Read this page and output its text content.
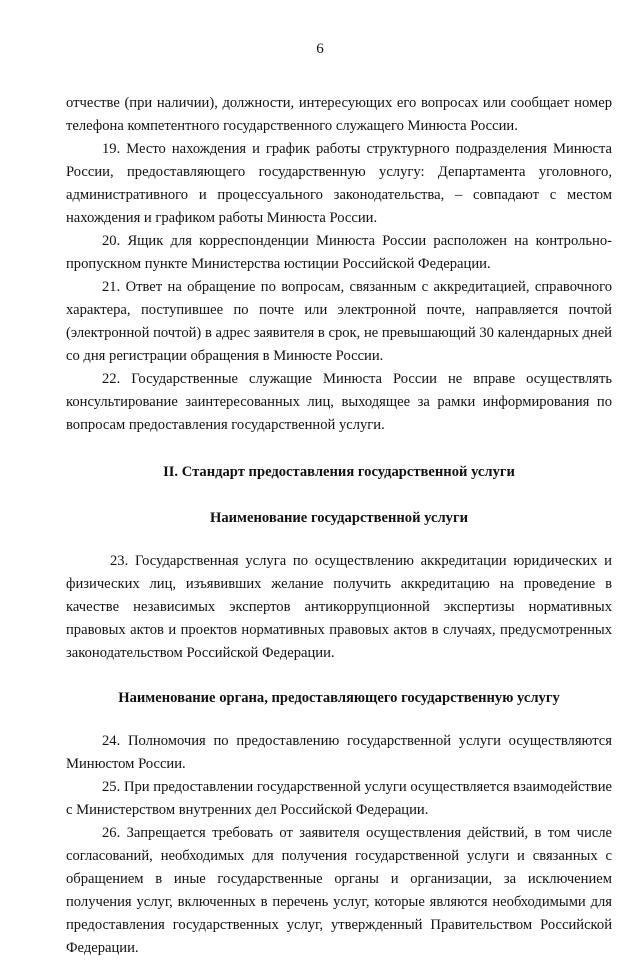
6

отчестве (при наличии), должности, интересующих его вопросах или сообщает номер телефона компетентного государственного служащего Минюста России.

19. Место нахождения и график работы структурного подразделения Минюста России, предоставляющего государственную услугу: Департамента уголовного, административного и процессуального законодательства, – совпадают с местом нахождения и графиком работы Минюста России.

20. Ящик для корреспонденции Минюста России расположен на контрольно-пропускном пункте Министерства юстиции Российской Федерации.

21. Ответ на обращение по вопросам, связанным с аккредитацией, справочного характера, поступившее по почте или электронной почте, направляется почтой (электронной почтой) в адрес заявителя в срок, не превышающий 30 календарных дней со дня регистрации обращения в Минюсте России.

22. Государственные служащие Минюста России не вправе осуществлять консультирование заинтересованных лиц, выходящее за рамки информирования по вопросам предоставления государственной услуги.

II. Стандарт предоставления государственной услуги

Наименование государственной услуги

23. Государственная услуга по осуществлению аккредитации юридических и физических лиц, изъявивших желание получить аккредитацию на проведение в качестве независимых экспертов антикоррупционной экспертизы нормативных правовых актов и проектов нормативных правовых актов в случаях, предусмотренных законодательством Российской Федерации.

Наименование органа, предоставляющего государственную услугу

24. Полномочия по предоставлению государственной услуги осуществляются Минюстом России.

25. При предоставлении государственной услуги осуществляется взаимодействие с Министерством внутренних дел Российской Федерации.

26. Запрещается требовать от заявителя осуществления действий, в том числе согласований, необходимых для получения государственной услуги и связанных с обращением в иные государственные органы и организации, за исключением получения услуг, включенных в перечень услуг, которые являются необходимыми для предоставления государственных услуг, утвержденный Правительством Российской Федерации.
